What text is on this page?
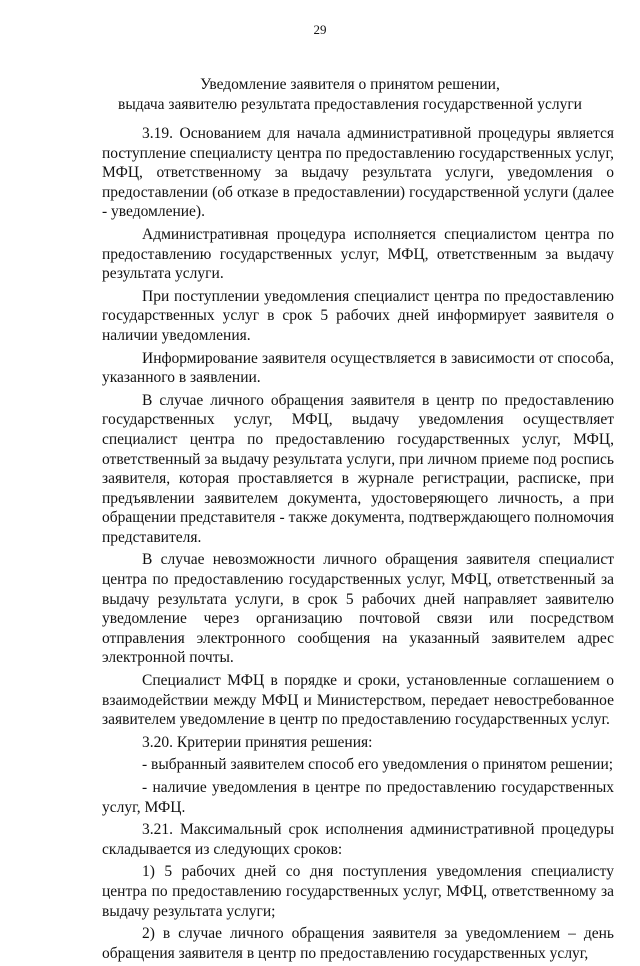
29
Уведомление заявителя о принятом решении,
выдача заявителю результата предоставления государственной услуги

3.19. Основанием для начала административной процедуры является поступление специалисту центра по предоставлению государственных услуг, МФЦ, ответственному за выдачу результата услуги, уведомления о предоставлении (об отказе в предоставлении) государственной услуги (далее - уведомление).

Административная процедура исполняется специалистом центра по предоставлению государственных услуг, МФЦ, ответственным за выдачу результата услуги.

При поступлении уведомления специалист центра по предоставлению государственных услуг в срок 5 рабочих дней информирует заявителя о наличии уведомления.

Информирование заявителя осуществляется в зависимости от способа, указанного в заявлении.

В случае личного обращения заявителя в центр по предоставлению государственных услуг, МФЦ, выдачу уведомления осуществляет специалист центра по предоставлению государственных услуг, МФЦ, ответственный за выдачу результата услуги, при личном приеме под роспись заявителя, которая проставляется в журнале регистрации, расписке, при предъявлении заявителем документа, удостоверяющего личность, а при обращении представителя - также документа, подтверждающего полномочия представителя.

В случае невозможности личного обращения заявителя специалист центра по предоставлению государственных услуг, МФЦ, ответственный за выдачу результата услуги, в срок 5 рабочих дней направляет заявителю уведомление через организацию почтовой связи или посредством отправления электронного сообщения на указанный заявителем адрес электронной почты.

Специалист МФЦ в порядке и сроки, установленные соглашением о взаимодействии между МФЦ и Министерством, передает невостребованное заявителем уведомление в центр по предоставлению государственных услуг.

3.20. Критерии принятия решения:

- выбранный заявителем способ его уведомления о принятом решении;

- наличие уведомления в центре по предоставлению государственных услуг, МФЦ.

3.21. Максимальный срок исполнения административной процедуры складывается из следующих сроков:

1) 5 рабочих дней со дня поступления уведомления специалисту центра по предоставлению государственных услуг, МФЦ, ответственному за выдачу результата услуги;

2) в случае личного обращения заявителя за уведомлением – день обращения заявителя в центр по предоставлению государственных услуг,
